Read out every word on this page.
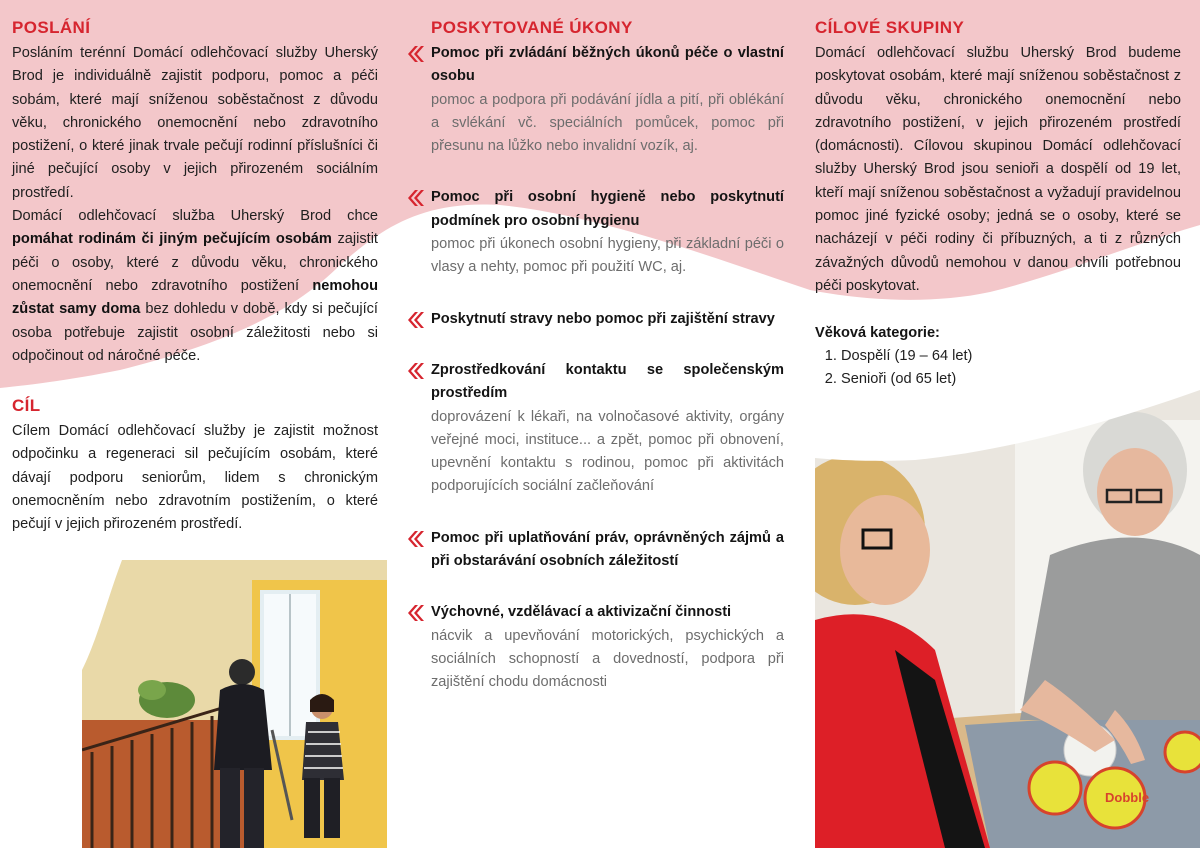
Dobble
POSLÁNÍ

Posláním terénní Domácí odlehčovací služby Uherský Brod je individuálně zajistit podporu, pomoc a péči sobám, které mají sníženou soběstačnost z důvodu věku, chronického onemocnění nebo zdravotního postižení, o které jinak trvale pečují rodinní příslušníci či jiné pečující osoby v jejich přirozeném sociálním prostředí.

Domácí odlehčovací služba Uherský Brod chce pomáhat rodinám či jiným pečujícím osobám zajistit péči o osoby, které z důvodu věku, chronického onemocnění nebo zdravotního postižení nemohou zůstat samy doma bez dohledu v době, kdy si pečující osoba potřebuje zajistit osobní záležitosti nebo si odpočinout od náročné péče.

CÍL

Cílem Domácí odlehčovací služby je zajistit možnost odpočinku a regeneraci sil pečujícím osobám, které dávají podporu seniorům, lidem s chronickým onemocněním nebo zdravotním postižením, o které pečují v jejich přirozeném prostředí.

POSKYTOVANÉ ÚKONY
Pomoc při zvládání běžných úkonů péče o vlastní osobu
pomoc a podpora při podávání jídla a pití, při oblékání a svlékání vč. speciálních pomůcek, pomoc při přesunu na lůžko nebo invalidní vozík, aj.
Pomoc při osobní hygieně nebo poskytnutí podmínek pro osobní hygienu
pomoc při úkonech osobní hygieny, při základní péči o vlasy a nehty, pomoc při použití WC, aj.
Poskytnutí stravy nebo pomoc při zajištění stravy
Zprostředkování kontaktu se společenským prostředím
doprovázení k lékaři, na volnočasové aktivity, orgány veřejné moci, instituce... a zpět, pomoc při obnovení, upevnění kontaktu s rodinou, pomoc při aktivitách podporujících sociální začleňování
Pomoc při uplatňování práv, oprávněných zájmů a při obstarávání osobních záležitostí
Výchovné, vzdělávací a aktivizační činnosti
nácvik a upevňování motorických, psychických a sociálních schopností a dovedností, podpora při zajištění chodu domácnosti
CÍLOVÉ SKUPINY

Domácí odlehčovací službu Uherský Brod budeme poskytovat osobám, které mají sníženou soběstačnost z důvodu věku, chronického onemocnění nebo zdravotního postižení, v jejich přirozeném prostředí (domácnosti). Cílovou skupinou Domácí odlehčovací služby Uherský Brod jsou senioři a dospělí od 19 let, kteří mají sníženou soběstačnost a vyžadují pravidelnou pomoc jiné fyzické osoby; jedná se o osoby, které se nacházejí v péči rodiny či příbuzných, a ti z různých závažných důvodů nemohou v danou chvíli potřebnou péči poskytovat.

Věková kategorie:
1. Dospělí (19 – 64 let)
2. Senioři (od 65 let)
